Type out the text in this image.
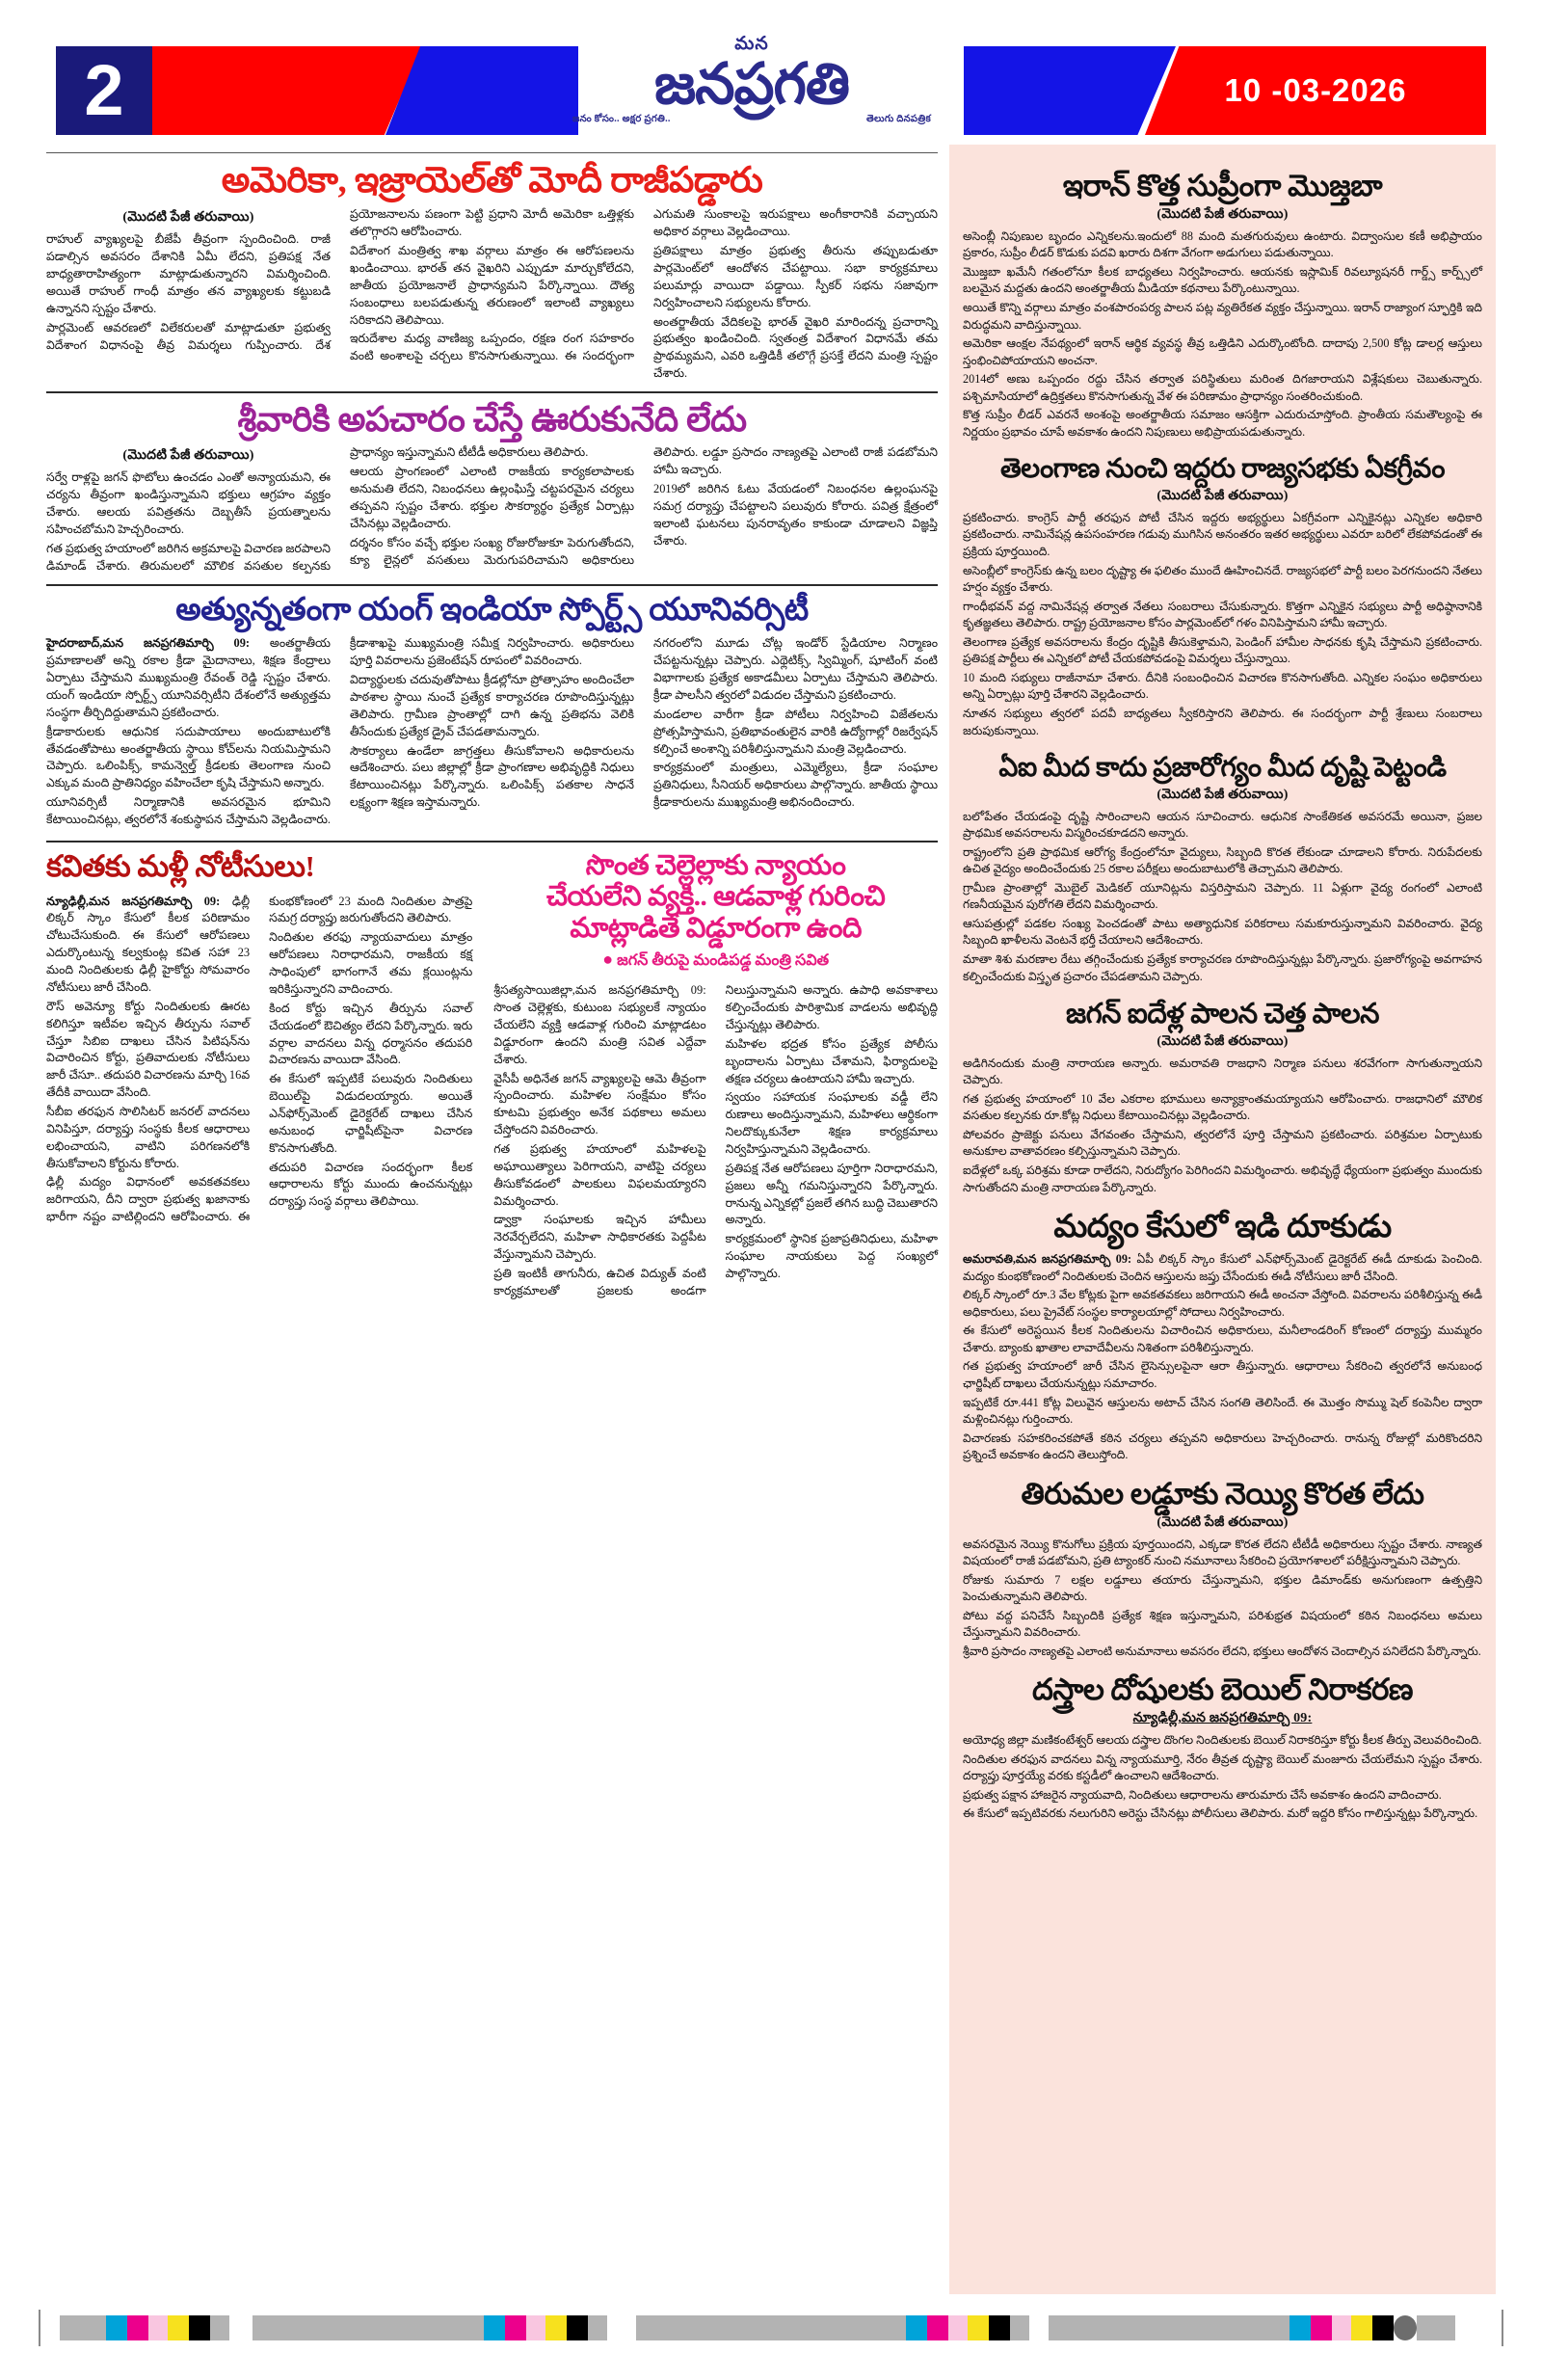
2	10 -03-2026
మన
జనప్రగతి
జనం కోసం.. అక్షర ప్రగతి..	తెలుగు దినపత్రిక
అమెరికా, ఇజ్రాయెల్‌తో మోదీ రాజీపడ్డారు
(మొదటి పేజీ తరువాయి)

రాహుల్ వ్యాఖ్యలపై బీజేపీ తీవ్రంగా స్పందించింది. రాజీ పడాల్సిన అవసరం దేశానికి ఏమీ లేదని, ప్రతిపక్ష నేత బాధ్యతారాహిత్యంగా మాట్లాడుతున్నారని విమర్శించింది. అయితే రాహుల్ గాంధీ మాత్రం తన వ్యాఖ్యలకు కట్టుబడి ఉన్నానని స్పష్టం చేశారు.

పార్లమెంట్ ఆవరణలో విలేకరులతో మాట్లాడుతూ ప్రభుత్వ విదేశాంగ విధానంపై తీవ్ర విమర్శలు గుప్పించారు. దేశ ప్రయోజనాలను పణంగా పెట్టి ప్రధాని మోదీ అమెరికా ఒత్తిళ్లకు తలొగ్గారని ఆరోపించారు.

విదేశాంగ మంత్రిత్వ శాఖ వర్గాలు మాత్రం ఈ ఆరోపణలను ఖండించాయి. భారత్ తన వైఖరిని ఎప్పుడూ మార్చుకోలేదని, జాతీయ ప్రయోజనాలే ప్రాధాన్యమని పేర్కొన్నాయి. దౌత్య సంబంధాలు బలపడుతున్న తరుణంలో ఇలాంటి వ్యాఖ్యలు సరికాదని తెలిపాయి.

ఇరుదేశాల మధ్య వాణిజ్య ఒప్పందం, రక్షణ రంగ సహకారం వంటి అంశాలపై చర్చలు కొనసాగుతున్నాయి. ఈ సందర్భంగా ఎగుమతి సుంకాలపై ఇరుపక్షాలు అంగీకారానికి వచ్చాయని అధికార వర్గాలు వెల్లడించాయి.

ప్రతిపక్షాలు మాత్రం ప్రభుత్వ తీరును తప్పుబడుతూ పార్లమెంట్‌లో ఆందోళన చేపట్టాయి. సభా కార్యక్రమాలు పలుమార్లు వాయిదా పడ్డాయి. స్పీకర్ సభను సజావుగా నిర్వహించాలని సభ్యులను కోరారు.

అంతర్జాతీయ వేదికలపై భారత్ వైఖరి మారిందన్న ప్రచారాన్ని ప్రభుత్వం ఖండించింది. స్వతంత్ర విదేశాంగ విధానమే తమ ప్రాథమ్యమని, ఎవరి ఒత్తిడికీ తలొగ్గే ప్రసక్తే లేదని మంత్రి స్పష్టం చేశారు.

శ్రీవారికి అపచారం చేస్తే ఊరుకునేది లేదు
(మొదటి పేజీ తరువాయి)

సర్వే రాళ్లపై జగన్ ఫొటోలు ఉంచడం ఎంతో అన్యాయమని, ఈ చర్యను తీవ్రంగా ఖండిస్తున్నామని భక్తులు ఆగ్రహం వ్యక్తం చేశారు. ఆలయ పవిత్రతను దెబ్బతీసే ప్రయత్నాలను సహించబోమని హెచ్చరించారు.

గత ప్రభుత్వ హయాంలో జరిగిన అక్రమాలపై విచారణ జరపాలని డిమాండ్ చేశారు. తిరుమలలో మౌలిక వసతుల కల్పనకు ప్రాధాన్యం ఇస్తున్నామని టీటీడీ అధికారులు తెలిపారు.

ఆలయ ప్రాంగణంలో ఎలాంటి రాజకీయ కార్యకలాపాలకు అనుమతి లేదని, నిబంధనలు ఉల్లంఘిస్తే చట్టపరమైన చర్యలు తప్పవని స్పష్టం చేశారు. భక్తుల సౌకర్యార్థం ప్రత్యేక ఏర్పాట్లు చేసినట్లు వెల్లడించారు.

దర్శనం కోసం వచ్చే భక్తుల సంఖ్య రోజురోజుకూ పెరుగుతోందని, క్యూ లైన్లలో వసతులు మెరుగుపరిచామని అధికారులు తెలిపారు. లడ్డూ ప్రసాదం నాణ్యతపై ఎలాంటి రాజీ పడబోమని హామీ ఇచ్చారు.

2019లో జరిగిన ఓటు వేయడంలో నిబంధనల ఉల్లంఘనపై సమగ్ర దర్యాప్తు చేపట్టాలని పలువురు కోరారు. పవిత్ర క్షేత్రంలో ఇలాంటి ఘటనలు పునరావృతం కాకుండా చూడాలని విజ్ఞప్తి చేశారు.

అత్యున్నతంగా యంగ్ ఇండియా స్పోర్ట్స్ యూనివర్సిటీ

హైదరాబాద్,మన జనప్రగతిమార్చి 09: అంతర్జాతీయ ప్రమాణాలతో అన్ని రకాల క్రీడా మైదానాలు, శిక్షణ కేంద్రాలు ఏర్పాటు చేస్తామని ముఖ్యమంత్రి రేవంత్ రెడ్డి స్పష్టం చేశారు. యంగ్ ఇండియా స్పోర్ట్స్ యూనివర్సిటీని దేశంలోనే అత్యుత్తమ సంస్థగా తీర్చిదిద్దుతామని ప్రకటించారు.

క్రీడాకారులకు ఆధునిక సదుపాయాలు అందుబాటులోకి తేవడంతోపాటు అంతర్జాతీయ స్థాయి కోచ్‌లను నియమిస్తామని చెప్పారు. ఒలింపిక్స్, కామన్వెల్త్ క్రీడలకు తెలంగాణ నుంచి ఎక్కువ మంది ప్రాతినిధ్యం వహించేలా కృషి చేస్తామని అన్నారు.

యూనివర్సిటీ నిర్మాణానికి అవసరమైన భూమిని కేటాయించినట్లు, త్వరలోనే శంకుస్థాపన చేస్తామని వెల్లడించారు. క్రీడాశాఖపై ముఖ్యమంత్రి సమీక్ష నిర్వహించారు. అధికారులు పూర్తి వివరాలను ప్రజెంటేషన్ రూపంలో వివరించారు.

విద్యార్థులకు చదువుతోపాటు క్రీడల్లోనూ ప్రోత్సాహం అందించేలా పాఠశాల స్థాయి నుంచే ప్రత్యేక కార్యాచరణ రూపొందిస్తున్నట్లు తెలిపారు. గ్రామీణ ప్రాంతాల్లో దాగి ఉన్న ప్రతిభను వెలికి తీసేందుకు ప్రత్యేక డ్రైవ్ చేపడతామన్నారు.

సౌకర్యాలు ఉండేలా జాగ్రత్తలు తీసుకోవాలని అధికారులను ఆదేశించారు. పలు జిల్లాల్లో క్రీడా ప్రాంగణాల అభివృద్ధికి నిధులు కేటాయించినట్లు పేర్కొన్నారు. ఒలింపిక్స్ పతకాల సాధనే లక్ష్యంగా శిక్షణ ఇస్తామన్నారు.

నగరంలోని మూడు చోట్ల ఇండోర్ స్టేడియాల నిర్మాణం చేపట్టనున్నట్లు చెప్పారు. ఎథ్లెటిక్స్, స్విమ్మింగ్, షూటింగ్ వంటి విభాగాలకు ప్రత్యేక అకాడమీలు ఏర్పాటు చేస్తామని తెలిపారు. క్రీడా పాలసీని త్వరలో విడుదల చేస్తామని ప్రకటించారు.

మండలాల వారీగా క్రీడా పోటీలు నిర్వహించి విజేతలను ప్రోత్సహిస్తామని, ప్రతిభావంతులైన వారికి ఉద్యోగాల్లో రిజర్వేషన్ కల్పించే అంశాన్ని పరిశీలిస్తున్నామని మంత్రి వెల్లడించారు.

కార్యక్రమంలో మంత్రులు, ఎమ్మెల్యేలు, క్రీడా సంఘాల ప్రతినిధులు, సీనియర్ అధికారులు పాల్గొన్నారు. జాతీయ స్థాయి క్రీడాకారులను ముఖ్యమంత్రి అభినందించారు.

కవితకు మళ్లీ నోటీసులు!

న్యూఢిల్లీ,మన జనప్రగతిమార్చి 09: ఢిల్లీ లిక్కర్ స్కాం కేసులో కీలక పరిణామం చోటుచేసుకుంది. ఈ కేసులో ఆరోపణలు ఎదుర్కొంటున్న కల్వకుంట్ల కవిత సహా 23 మంది నిందితులకు ఢిల్లీ హైకోర్టు సోమవారం నోటీసులు జారీ చేసింది.

రౌస్ అవెన్యూ కోర్టు నిందితులకు ఊరట కలిగిస్తూ ఇటీవల ఇచ్చిన తీర్పును సవాల్ చేస్తూ సిబిఐ దాఖలు చేసిన పిటిషన్‌ను విచారించిన కోర్టు, ప్రతివాదులకు నోటీసులు జారీ చేసూ.. తదుపరి విచారణను మార్చి 16వ తేదీకి వాయిదా వేసింది.

సీబీఐ తరఫున సొలిసిటర్ జనరల్ వాదనలు వినిపిస్తూ, దర్యాప్తు సంస్థకు కీలక ఆధారాలు లభించాయని, వాటిని పరిగణనలోకి తీసుకోవాలని కోర్టును కోరారు.

ఢిల్లీ మద్యం విధానంలో అవకతవకలు జరిగాయని, దీని ద్వారా ప్రభుత్వ ఖజానాకు భారీగా నష్టం వాటిల్లిందని ఆరోపించారు. ఈ కుంభకోణంలో 23 మంది నిందితుల పాత్రపై సమగ్ర దర్యాప్తు జరుగుతోందని తెలిపారు.

నిందితుల తరఫు న్యాయవాదులు మాత్రం ఆరోపణలు నిరాధారమని, రాజకీయ కక్ష సాధింపులో భాగంగానే తమ క్లయింట్లను ఇరికిస్తున్నారని వాదించారు.

కింద కోర్టు ఇచ్చిన తీర్పును సవాల్ చేయడంలో ఔచిత్యం లేదని పేర్కొన్నారు. ఇరు వర్గాల వాదనలు విన్న ధర్మాసనం తదుపరి విచారణను వాయిదా వేసింది.

ఈ కేసులో ఇప్పటికే పలువురు నిందితులు బెయిల్‌పై విడుదలయ్యారు. అయితే ఎన్‌ఫోర్స్‌మెంట్ డైరెక్టరేట్ దాఖలు చేసిన అనుబంధ ఛార్జిషీట్‌పైనా విచారణ కొనసాగుతోంది.

తదుపరి విచారణ సందర్భంగా కీలక ఆధారాలను కోర్టు ముందు ఉంచనున్నట్లు దర్యాప్తు సంస్థ వర్గాలు తెలిపాయి.

సొంత చెల్లెల్లాకు న్యాయం
చేయలేని వ్యక్తి.. ఆడవాళ్ల గురించి
మాట్లాడితే విడ్డూరంగా ఉంది
● జగన్ తీరుపై మండిపడ్డ మంత్రి సవిత

శ్రీసత్యసాయిజిల్లా,మన జనప్రగతిమార్చి 09: సొంత చెల్లెళ్లకు, కుటుంబ సభ్యులకే న్యాయం చేయలేని వ్యక్తి ఆడవాళ్ల గురించి మాట్లాడటం విడ్డూరంగా ఉందని మంత్రి సవిత ఎద్దేవా చేశారు.

వైసీపీ అధినేత జగన్ వ్యాఖ్యలపై ఆమె తీవ్రంగా స్పందించారు. మహిళల సంక్షేమం కోసం కూటమి ప్రభుత్వం అనేక పథకాలు అమలు చేస్తోందని వివరించారు.

గత ప్రభుత్వ హయాంలో మహిళలపై అఘాయిత్యాలు పెరిగాయని, వాటిపై చర్యలు తీసుకోవడంలో పాలకులు విఫలమయ్యారని విమర్శించారు.

డ్వాక్రా సంఘాలకు ఇచ్చిన హామీలు నెరవేర్చలేదని, మహిళా సాధికారతకు పెద్దపీట వేస్తున్నామని చెప్పారు.

ప్రతి ఇంటికీ తాగునీరు, ఉచిత విద్యుత్ వంటి కార్యక్రమాలతో ప్రజలకు అండగా నిలుస్తున్నామని అన్నారు. ఉపాధి అవకాశాలు కల్పించేందుకు పారిశ్రామిక వాడలను అభివృద్ధి చేస్తున్నట్లు తెలిపారు.

మహిళల భద్రత కోసం ప్రత్యేక పోలీసు బృందాలను ఏర్పాటు చేశామని, ఫిర్యాదులపై తక్షణ చర్యలు ఉంటాయని హామీ ఇచ్చారు.

స్వయం సహాయక సంఘాలకు వడ్డీ లేని రుణాలు అందిస్తున్నామని, మహిళలు ఆర్థికంగా నిలదొక్కుకునేలా శిక్షణ కార్యక్రమాలు నిర్వహిస్తున్నామని వెల్లడించారు.

ప్రతిపక్ష నేత ఆరోపణలు పూర్తిగా నిరాధారమని, ప్రజలు అన్నీ గమనిస్తున్నారని పేర్కొన్నారు. రానున్న ఎన్నికల్లో ప్రజలే తగిన బుద్ధి చెబుతారని అన్నారు.

కార్యక్రమంలో స్థానిక ప్రజాప్రతినిధులు, మహిళా సంఘాల నాయకులు పెద్ద సంఖ్యలో పాల్గొన్నారు.

ఇరాన్ కొత్త సుప్రీంగా మొజ్తబా
(మొదటి పేజీ తరువాయి)

అసెంబ్లీ నిపుణుల బృందం ఎన్నికలను.ఇందులో 88 మంది మతగురువులు ఉంటారు. విద్వాంసుల కణీ అభిప్రాయం ప్రకారం, సుప్రీం లీడర్ కొడుకు పదవి ఖరారు దిశగా వేగంగా అడుగులు పడుతున్నాయి.

మొజ్తబా ఖమేనీ గతంలోనూ కీలక బాధ్యతలు నిర్వహించారు. ఆయనకు ఇస్లామిక్ రివల్యూషనరీ గార్డ్స్ కార్ప్స్‌లో బలమైన మద్దతు ఉందని అంతర్జాతీయ మీడియా కథనాలు పేర్కొంటున్నాయి.

అయితే కొన్ని వర్గాలు మాత్రం వంశపారంపర్య పాలన పట్ల వ్యతిరేకత వ్యక్తం చేస్తున్నాయి. ఇరాన్ రాజ్యాంగ స్ఫూర్తికి ఇది విరుద్ధమని వాదిస్తున్నాయి.

అమెరికా ఆంక్షల నేపథ్యంలో ఇరాన్ ఆర్థిక వ్యవస్థ తీవ్ర ఒత్తిడిని ఎదుర్కొంటోంది. దాదాపు 2,500 కోట్ల డాలర్ల ఆస్తులు స్తంభించిపోయాయని అంచనా.

2014లో అణు ఒప్పందం రద్దు చేసిన తర్వాత పరిస్థితులు మరింత దిగజారాయని విశ్లేషకులు చెబుతున్నారు. పశ్చిమాసియాలో ఉద్రిక్తతలు కొనసాగుతున్న వేళ ఈ పరిణామం ప్రాధాన్యం సంతరించుకుంది.

కొత్త సుప్రీం లీడర్ ఎవరనే అంశంపై అంతర్జాతీయ సమాజం ఆసక్తిగా ఎదురుచూస్తోంది. ప్రాంతీయ సమతౌల్యంపై ఈ నిర్ణయం ప్రభావం చూపే అవకాశం ఉందని నిపుణులు అభిప్రాయపడుతున్నారు.

తెలంగాణ నుంచి ఇద్దరు రాజ్యసభకు ఏకగ్రీవం
(మొదటి పేజీ తరువాయి)

ప్రకటించారు. కాంగ్రెస్ పార్టీ తరఫున పోటీ చేసిన ఇద్దరు అభ్యర్థులు ఏకగ్రీవంగా ఎన్నికైనట్లు ఎన్నికల అధికారి ప్రకటించారు. నామినేషన్ల ఉపసంహరణ గడువు ముగిసిన అనంతరం ఇతర అభ్యర్థులు ఎవరూ బరిలో లేకపోవడంతో ఈ ప్రక్రియ పూర్తయింది.

అసెంబ్లీలో కాంగ్రెస్‌కు ఉన్న బలం దృష్ట్యా ఈ ఫలితం ముందే ఊహించినదే. రాజ్యసభలో పార్టీ బలం పెరగనుందని నేతలు హర్షం వ్యక్తం చేశారు.

గాంధీభవన్ వద్ద నామినేషన్ల తర్వాత నేతలు సంబరాలు చేసుకున్నారు. కొత్తగా ఎన్నికైన సభ్యులు పార్టీ అధిష్ఠానానికి కృతజ్ఞతలు తెలిపారు. రాష్ట్ర ప్రయోజనాల కోసం పార్లమెంట్‌లో గళం వినిపిస్తామని హామీ ఇచ్చారు.

తెలంగాణ ప్రత్యేక అవసరాలను కేంద్రం దృష్టికి తీసుకెళ్తామని, పెండింగ్ హామీల సాధనకు కృషి చేస్తామని ప్రకటించారు. ప్రతిపక్ష పార్టీలు ఈ ఎన్నికలో పోటీ చేయకపోవడంపై విమర్శలు చేస్తున్నాయి.

10 మంది సభ్యులు రాజీనామా చేశారు. దీనికి సంబంధించిన విచారణ కొనసాగుతోంది. ఎన్నికల సంఘం అధికారులు అన్ని ఏర్పాట్లు పూర్తి చేశారని వెల్లడించారు.

నూతన సభ్యులు త్వరలో పదవీ బాధ్యతలు స్వీకరిస్తారని తెలిపారు. ఈ సందర్భంగా పార్టీ శ్రేణులు సంబరాలు జరుపుకున్నాయి.

ఏఐ మీద కాదు ప్రజారోగ్యం మీద దృష్టి పెట్టండి
(మొదటి పేజీ తరువాయి)

బలోపేతం చేయడంపై దృష్టి సారించాలని ఆయన సూచించారు. ఆధునిక సాంకేతికత అవసరమే అయినా, ప్రజల ప్రాథమిక అవసరాలను విస్మరించకూడదని అన్నారు.

రాష్ట్రంలోని ప్రతి ప్రాథమిక ఆరోగ్య కేంద్రంలోనూ వైద్యులు, సిబ్బంది కొరత లేకుండా చూడాలని కోరారు. నిరుపేదలకు ఉచిత వైద్యం అందించేందుకు 25 రకాల పరీక్షలు అందుబాటులోకి తెచ్చామని తెలిపారు.

గ్రామీణ ప్రాంతాల్లో మొబైల్ మెడికల్ యూనిట్లను విస్తరిస్తామని చెప్పారు. 11 ఏళ్లుగా వైద్య రంగంలో ఎలాంటి గణనీయమైన పురోగతి లేదని విమర్శించారు.

ఆసుపత్రుల్లో పడకల సంఖ్య పెంచడంతో పాటు అత్యాధునిక పరికరాలు సమకూరుస్తున్నామని వివరించారు. వైద్య సిబ్బంది ఖాళీలను వెంటనే భర్తీ చేయాలని ఆదేశించారు.

మాతా శిశు మరణాల రేటు తగ్గించేందుకు ప్రత్యేక కార్యాచరణ రూపొందిస్తున్నట్లు పేర్కొన్నారు. ప్రజారోగ్యంపై అవగాహన కల్పించేందుకు విస్తృత ప్రచారం చేపడతామని చెప్పారు.

జగన్ ఐదేళ్ల పాలన చెత్త పాలన
(మొదటి పేజీ తరువాయి)

అడిగినందుకు మంత్రి నారాయణ అన్నారు. అమరావతి రాజధాని నిర్మాణ పనులు శరవేగంగా సాగుతున్నాయని చెప్పారు.

గత ప్రభుత్వ హయాంలో 10 వేల ఎకరాల భూములు అన్యాక్రాంతమయ్యాయని ఆరోపించారు. రాజధానిలో మౌలిక వసతుల కల్పనకు రూ.కోట్ల నిధులు కేటాయించినట్లు వెల్లడించారు.

పోలవరం ప్రాజెక్టు పనులు వేగవంతం చేస్తామని, త్వరలోనే పూర్తి చేస్తామని ప్రకటించారు. పరిశ్రమల ఏర్పాటుకు అనుకూల వాతావరణం కల్పిస్తున్నామని చెప్పారు.

ఐదేళ్లలో ఒక్క పరిశ్రమ కూడా రాలేదని, నిరుద్యోగం పెరిగిందని విమర్శించారు. అభివృద్ధే ధ్యేయంగా ప్రభుత్వం ముందుకు సాగుతోందని మంత్రి నారాయణ పేర్కొన్నారు.

మద్యం కేసులో ఇడి దూకుడు

అమరావతి,మన జనప్రగతిమార్చి 09: ఏపీ లిక్కర్ స్కాం కేసులో ఎన్‌ఫోర్స్‌మెంట్ డైరెక్టరేట్ ఈడీ దూకుడు పెంచింది. మద్యం కుంభకోణంలో నిందితులకు చెందిన ఆస్తులను జప్తు చేసేందుకు ఈడీ నోటీసులు జారీ చేసింది.

లిక్కర్ స్కాంలో రూ.3 వేల కోట్లకు పైగా అవకతవకలు జరిగాయని ఈడీ అంచనా వేస్తోంది. వివరాలను పరిశీలిస్తున్న ఈడీ అధికారులు, పలు ప్రైవేట్ సంస్థల కార్యాలయాల్లో సోదాలు నిర్వహించారు.

ఈ కేసులో అరెస్టయిన కీలక నిందితులను విచారించిన అధికారులు, మనీలాండరింగ్ కోణంలో దర్యాప్తు ముమ్మరం చేశారు. బ్యాంకు ఖాతాల లావాదేవీలను నిశితంగా పరిశీలిస్తున్నారు.

గత ప్రభుత్వ హయాంలో జారీ చేసిన లైసెన్సులపైనా ఆరా తీస్తున్నారు. ఆధారాలు సేకరించి త్వరలోనే అనుబంధ ఛార్జిషీట్ దాఖలు చేయనున్నట్లు సమాచారం.

ఇప్పటికే రూ.441 కోట్ల విలువైన ఆస్తులను అటాచ్ చేసిన సంగతి తెలిసిందే. ఈ మొత్తం సొమ్ము షెల్ కంపెనీల ద్వారా మళ్లించినట్లు గుర్తించారు.

విచారణకు సహకరించకపోతే కఠిన చర్యలు తప్పవని అధికారులు హెచ్చరించారు. రానున్న రోజుల్లో మరికొందరిని ప్రశ్నించే అవకాశం ఉందని తెలుస్తోంది.

తిరుమల లడ్డూకు నెయ్యి కొరత లేదు
(మొదటి పేజీ తరువాయి)

అవసరమైన నెయ్యి కొనుగోలు ప్రక్రియ పూర్తయిందని, ఎక్కడా కొరత లేదని టీటీడీ అధికారులు స్పష్టం చేశారు. నాణ్యత విషయంలో రాజీ పడబోమని, ప్రతి ట్యాంకర్ నుంచి నమూనాలు సేకరించి ప్రయోగశాలలో పరీక్షిస్తున్నామని చెప్పారు.

రోజుకు సుమారు 7 లక్షల లడ్డూలు తయారు చేస్తున్నామని, భక్తుల డిమాండ్‌కు అనుగుణంగా ఉత్పత్తిని పెంచుతున్నామని తెలిపారు.

పోటు వద్ద పనిచేసే సిబ్బందికి ప్రత్యేక శిక్షణ ఇస్తున్నామని, పరిశుభ్రత విషయంలో కఠిన నిబంధనలు అమలు చేస్తున్నామని వివరించారు.

శ్రీవారి ప్రసాదం నాణ్యతపై ఎలాంటి అనుమానాలు అవసరం లేదని, భక్తులు ఆందోళన చెందాల్సిన పనిలేదని పేర్కొన్నారు.

దస్త్రాల దోషులకు బెయిల్ నిరాకరణ
న్యూఢిల్లీ,మన జనప్రగతిమార్చి 09:

అయోధ్య జిల్లా మణికంటేశ్వర్ ఆలయ దస్త్రాల దొంగల నిందితులకు బెయిల్ నిరాకరిస్తూ కోర్టు కీలక తీర్పు వెలువరించింది.

నిందితుల తరఫున వాదనలు విన్న న్యాయమూర్తి, నేరం తీవ్రత దృష్ట్యా బెయిల్ మంజూరు చేయలేమని స్పష్టం చేశారు. దర్యాప్తు పూర్తయ్యే వరకు కస్టడీలో ఉంచాలని ఆదేశించారు.

ప్రభుత్వ పక్షాన హాజరైన న్యాయవాది, నిందితులు ఆధారాలను తారుమారు చేసే అవకాశం ఉందని వాదించారు.

ఈ కేసులో ఇప్పటివరకు నలుగురిని అరెస్టు చేసినట్లు పోలీసులు తెలిపారు. మరో ఇద్దరి కోసం గాలిస్తున్నట్లు పేర్కొన్నారు.
